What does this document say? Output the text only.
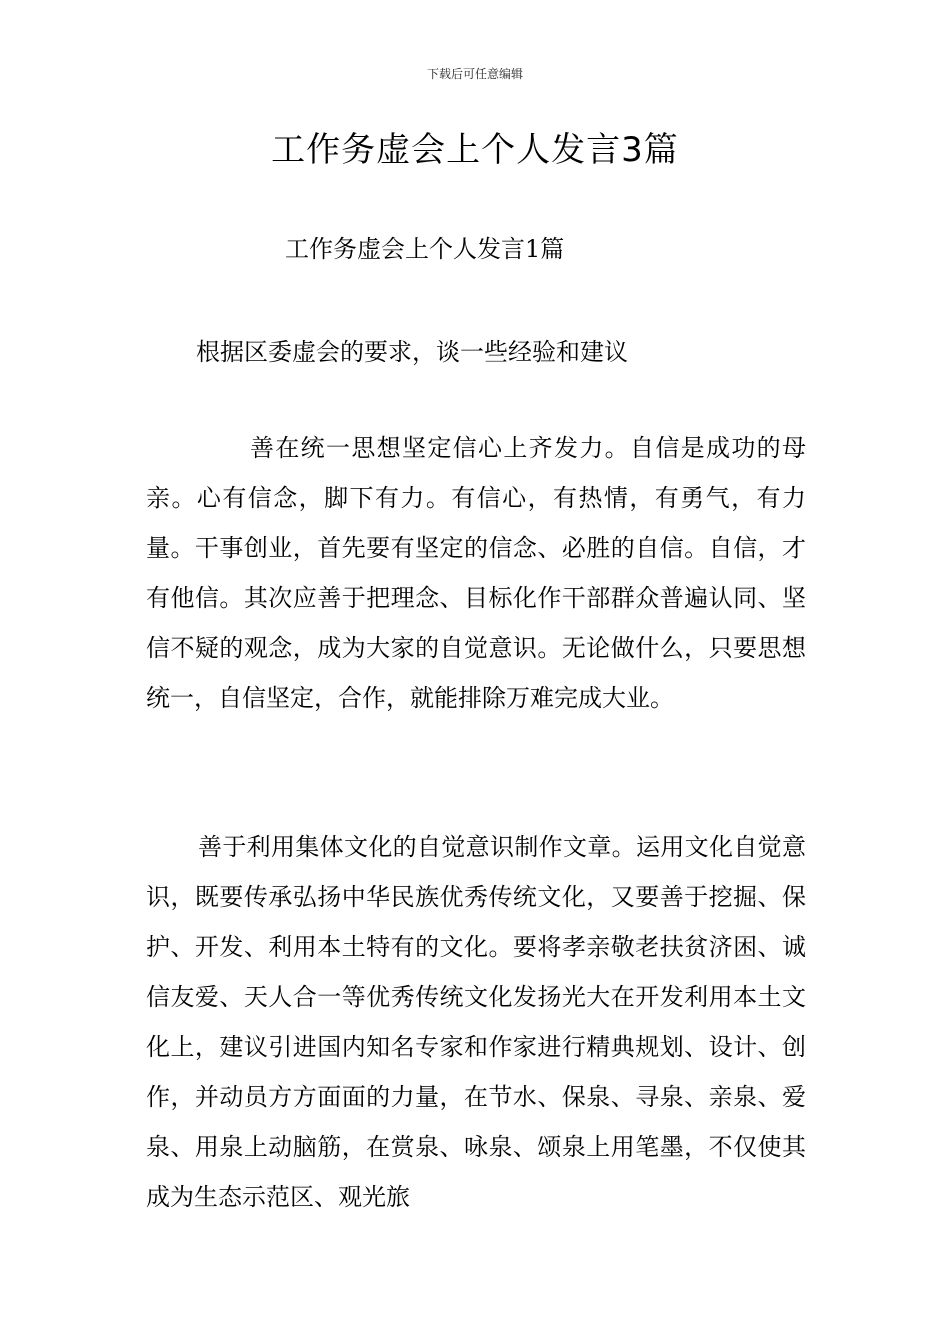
下载后可任意编辑
工作务虚会上个人发言3篇
工作务虚会上个人发言1篇
根据区委虚会的要求，谈一些经验和建议

善在统一思想坚定信心上齐发力。自信是成功的母亲。心有信念，脚下有力。有信心，有热情，有勇气，有力量。干事创业，首先要有坚定的信念、必胜的自信。自信，才有他信。其次应善于把理念、目标化作干部群众普遍认同、坚信不疑的观念，成为大家的自觉意识。无论做什么，只要思想统一，自信坚定，合作，就能排除万难完成大业。

善于利用集体文化的自觉意识制作文章。运用文化自觉意识，既要传承弘扬中华民族优秀传统文化，又要善于挖掘、保护、开发、利用本土特有的文化。要将孝亲敬老扶贫济困、诚信友爱、天人合一等优秀传统文化发扬光大在开发利用本土文化上，建议引进国内知名专家和作家进行精典规划、设计、创作，并动员方方面面的力量，在节水、保泉、寻泉、亲泉、爱泉、用泉上动脑筋，在赏泉、咏泉、颂泉上用笔墨，不仅使其成为生态示范区、观光旅
